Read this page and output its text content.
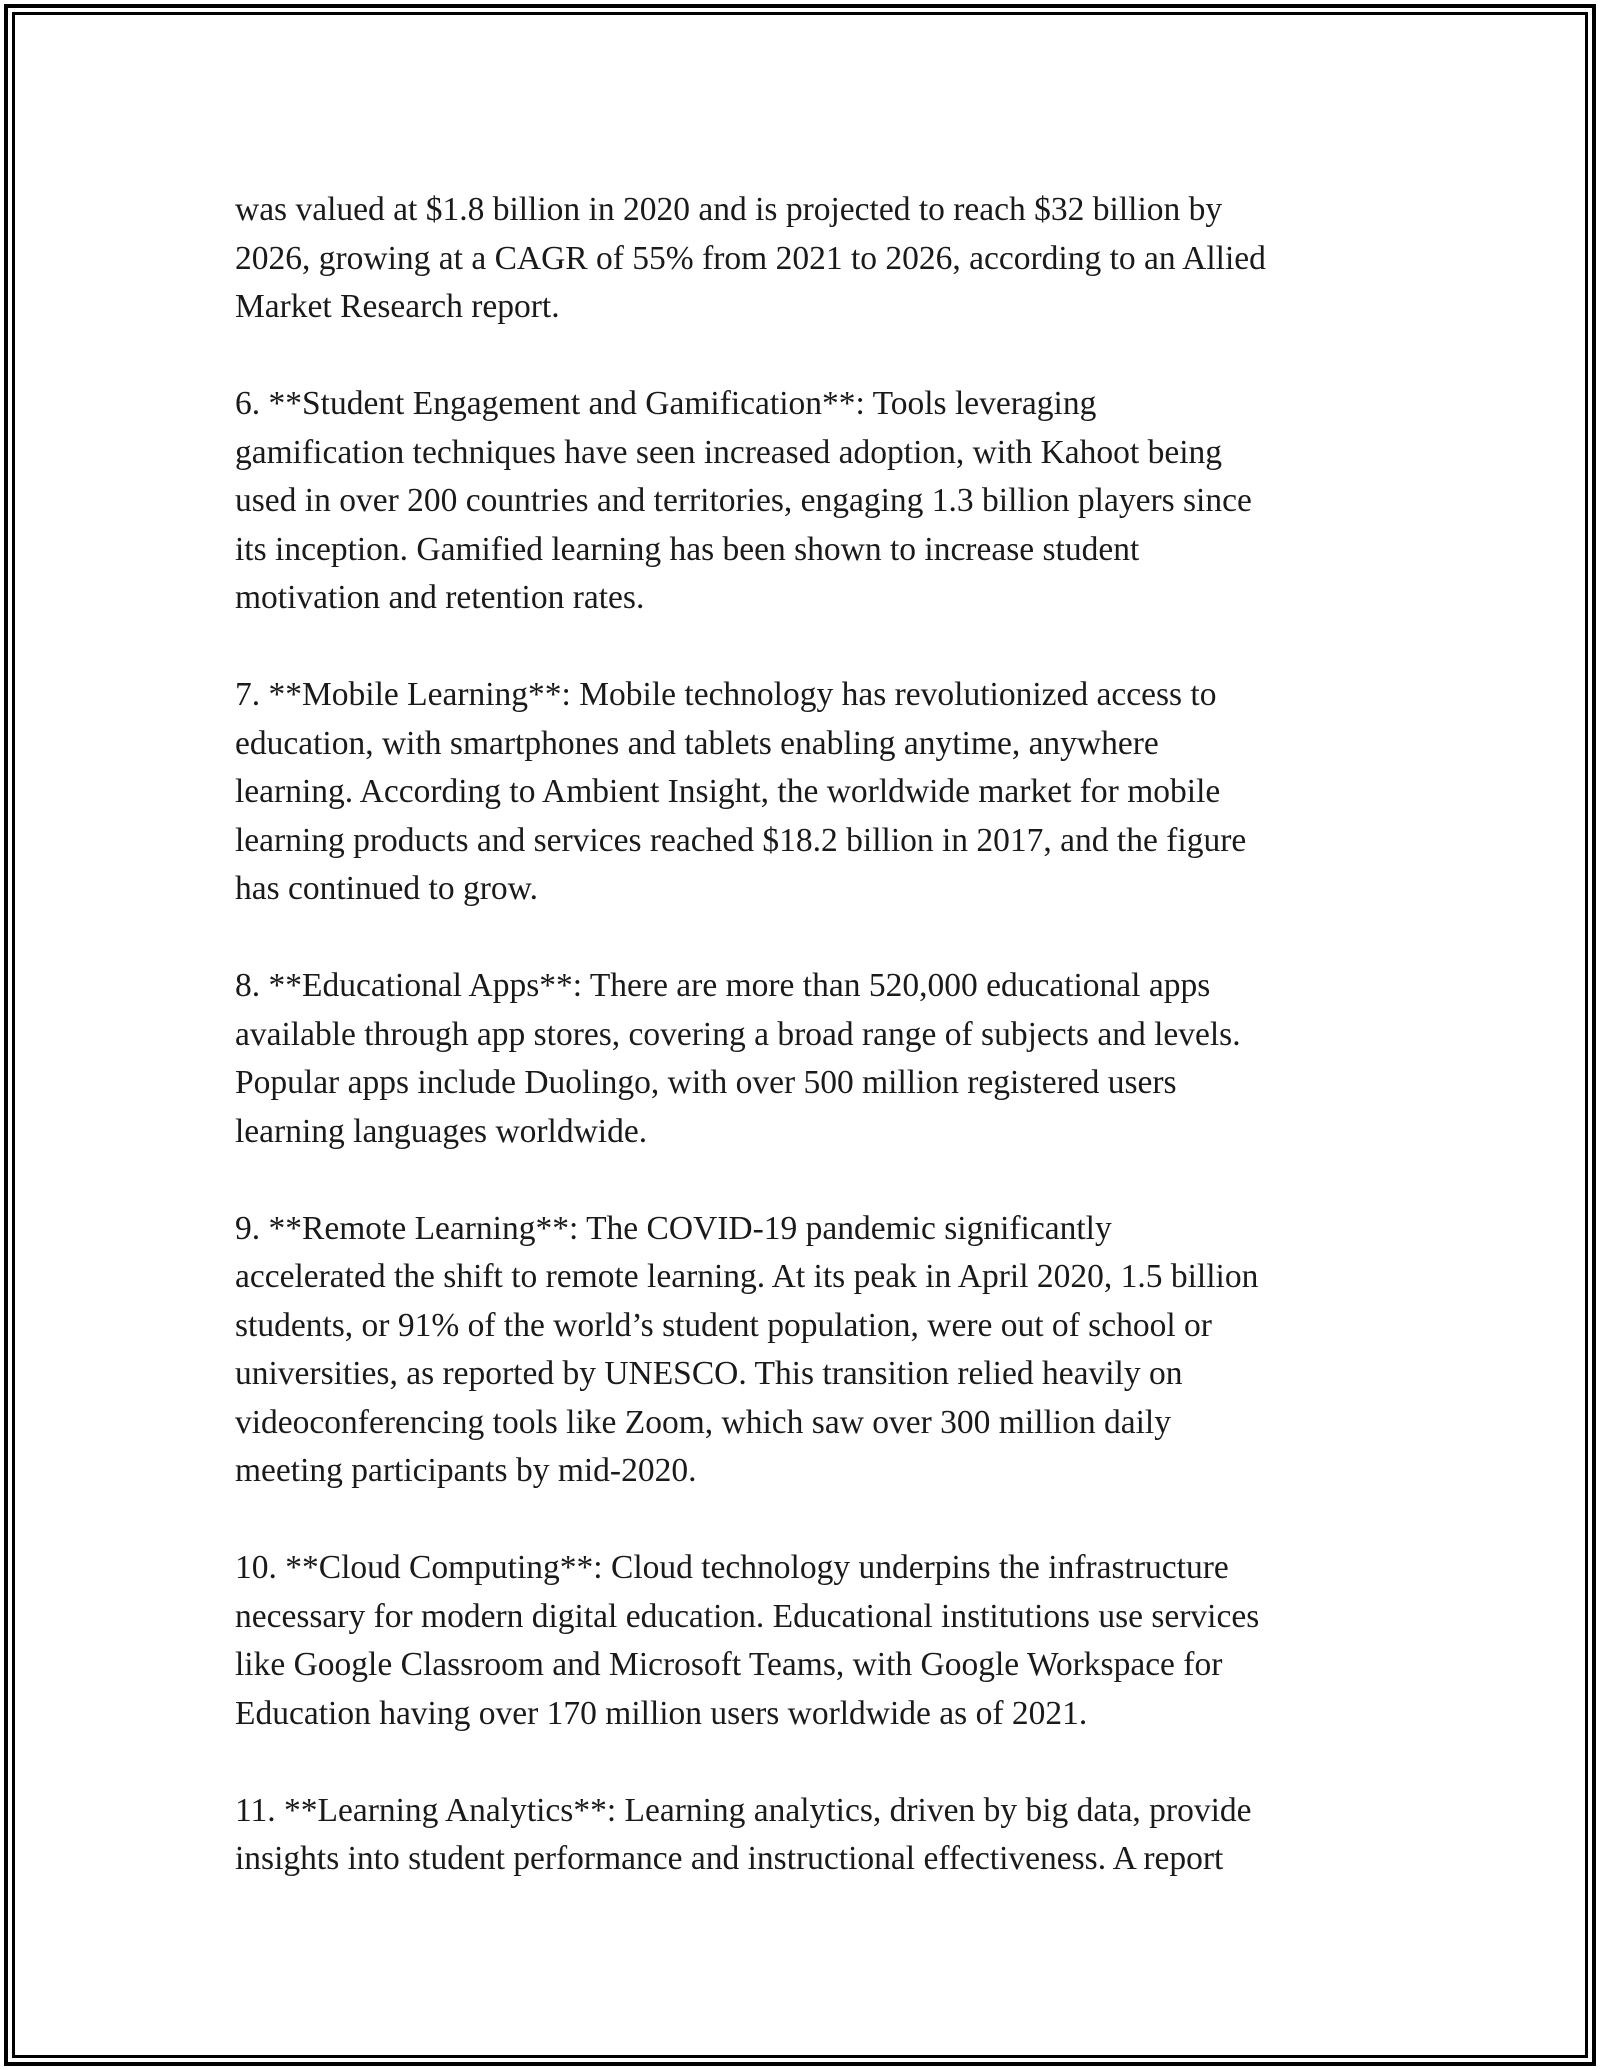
was valued at $1.8 billion in 2020 and is projected to reach $32 billion by
2026, growing at a CAGR of 55% from 2021 to 2026, according to an Allied
Market Research report.

6. **Student Engagement and Gamification**: Tools leveraging
gamification techniques have seen increased adoption, with Kahoot being
used in over 200 countries and territories, engaging 1.3 billion players since
its inception. Gamified learning has been shown to increase student
motivation and retention rates.

7. **Mobile Learning**: Mobile technology has revolutionized access to
education, with smartphones and tablets enabling anytime, anywhere
learning. According to Ambient Insight, the worldwide market for mobile
learning products and services reached $18.2 billion in 2017, and the figure
has continued to grow.

8. **Educational Apps**: There are more than 520,000 educational apps
available through app stores, covering a broad range of subjects and levels.
Popular apps include Duolingo, with over 500 million registered users
learning languages worldwide.

9. **Remote Learning**: The COVID-19 pandemic significantly
accelerated the shift to remote learning. At its peak in April 2020, 1.5 billion
students, or 91% of the world’s student population, were out of school or
universities, as reported by UNESCO. This transition relied heavily on
videoconferencing tools like Zoom, which saw over 300 million daily
meeting participants by mid-2020.

10. **Cloud Computing**: Cloud technology underpins the infrastructure
necessary for modern digital education. Educational institutions use services
like Google Classroom and Microsoft Teams, with Google Workspace for
Education having over 170 million users worldwide as of 2021.

11. **Learning Analytics**: Learning analytics, driven by big data, provide
insights into student performance and instructional effectiveness. A report
